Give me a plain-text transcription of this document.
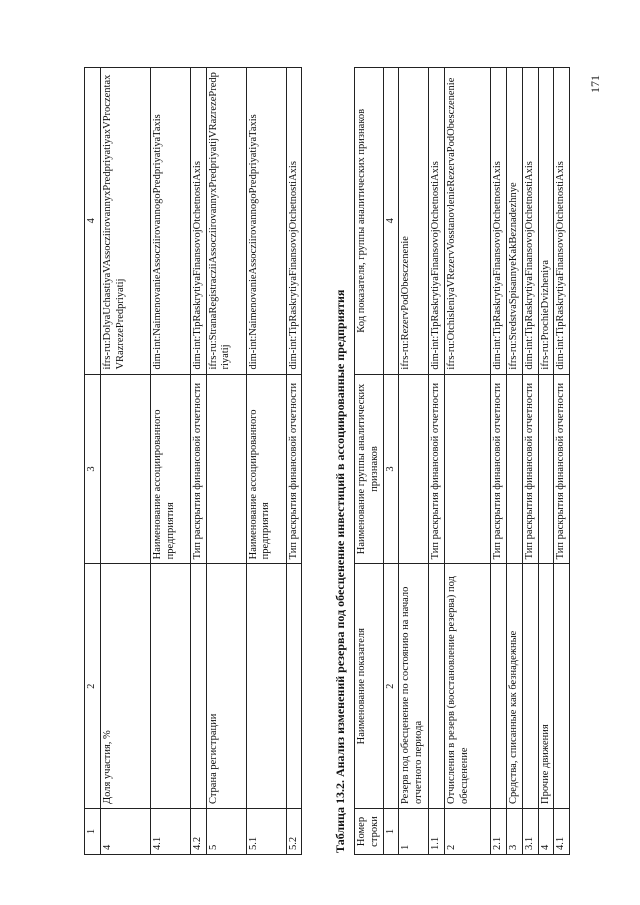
1	2	3	4
4	Доля участия, %		ifrs-ru:DolyaUchastiyaVAssocziirovannyxPredpriyatiyaxVProczentaxVRazrezePredpriyatij
4.1		Наименование ассоциированного предприятия	dim-int:NaimenovanieAssocziirovannogoPredpriyatiyaTaxis
4.2		Тип раскрытия финансовой отчетности	dim-int:TipRaskrytiyaFinansovojOtchetnostiAxis
5	Страна регистрации		ifrs-ru:StranaRegistracziiAssocziirovannyxPredpriyatijVRazrezePredpriyatij
5.1		Наименование ассоциированного предприятия	dim-int:NaimenovanieAssocziirovannogoPredpriyatiyaTaxis
5.2		Тип раскрытия финансовой отчетности	dim-int:TipRaskrytiyaFinansovojOtchetnostiAxis
Таблица 13.2. Анализ изменений резерва под обесценение инвестиций в ассоциированные предприятия Номер строки	Наименование показателя	Наименование группы аналитических признаков	Код показателя, группы аналитических признаков
1	2	3	4
1	Резерв под обесценение по состоянию на начало отчетного периода		ifrs-ru:RezervPodObesczenenie
1.1		Тип раскрытия финансовой отчетности	dim-int:TipRaskrytiyaFinansovojOtchetnostiAxis
2	Отчисления в резерв (восстановление резерва) под обесценение		ifrs-ru:OtchisleniyaVRezervVosstanovlenieRezervaPodObesczenenie
2.1		Тип раскрытия финансовой отчетности	dim-int:TipRaskrytiyaFinansovojOtchetnostiAxis
3	Средства, списанные как безнадежные		ifrs-ru:SredstvaSpisannyeKakBeznadezhnye
3.1		Тип раскрытия финансовой отчетности	dim-int:TipRaskrytiyaFinansovojOtchetnostiAxis
4	Прочие движения		ifrs-ru:ProchieDvizheniya
4.1		Тип раскрытия финансовой отчетности	dim-int:TipRaskrytiyaFinansovojOtchetnostiAxis
171
